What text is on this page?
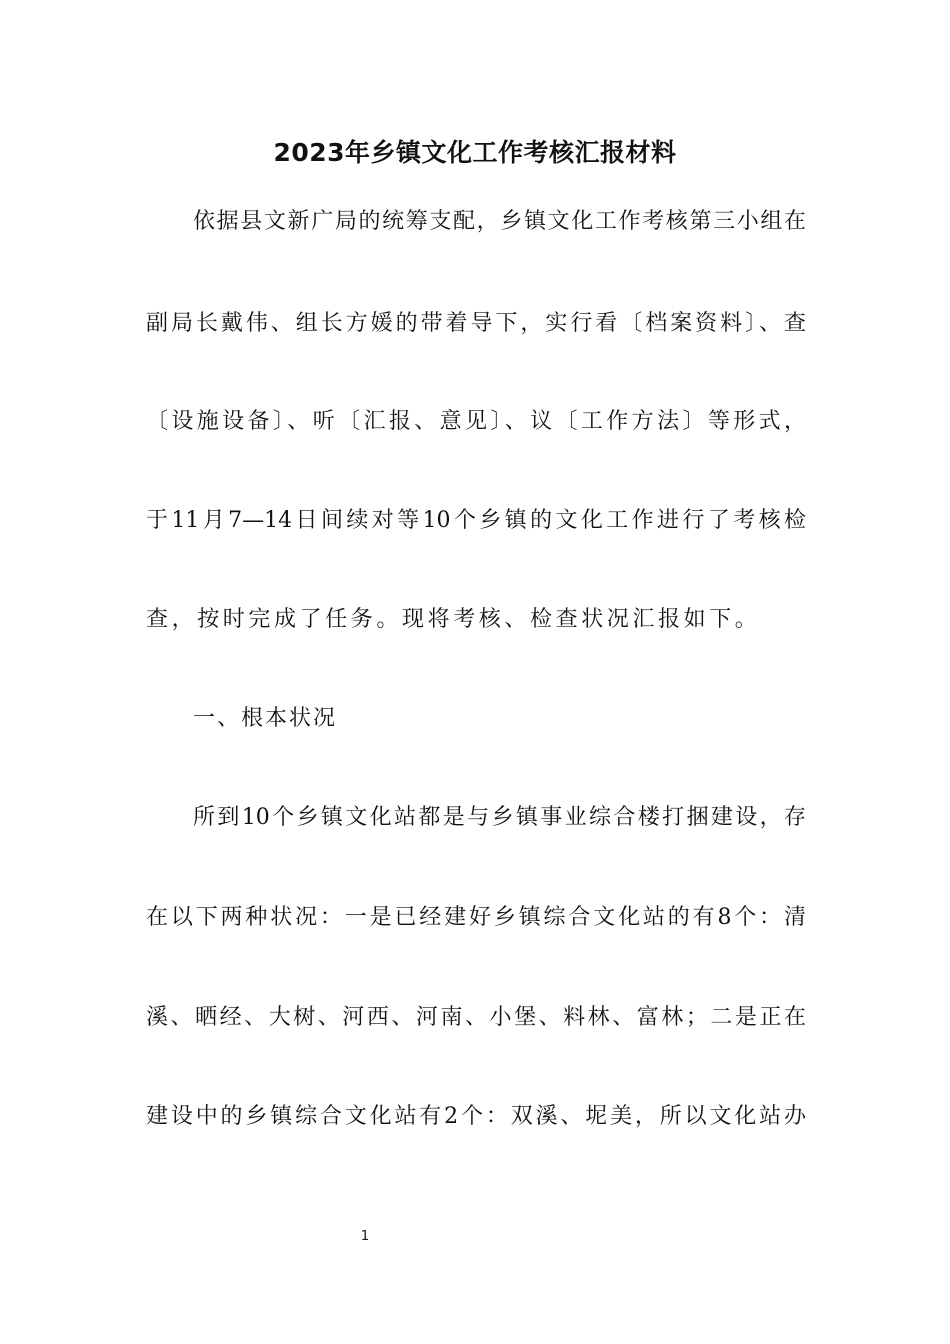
2023年乡镇文化工作考核汇报材料
依据县文新广局的统筹支配，乡镇文化工作考核第三小组在
副局长戴伟、组长方媛的带着导下，实行看〔档案资料〕、查
〔设施设备〕、听〔汇报、意见〕、议〔工作方法〕等形式，
于11月7—14日间续对等10个乡镇的文化工作进行了考核检
查，按时完成了任务。现将考核、检查状况汇报如下。
一、根本状况
所到10个乡镇文化站都是与乡镇事业综合楼打捆建设，存
在以下两种状况：一是已经建好乡镇综合文化站的有8个：清
溪、晒经、大树、河西、河南、小堡、料林、富林；二是正在
建设中的乡镇综合文化站有2个：双溪、坭美，所以文化站办
1
